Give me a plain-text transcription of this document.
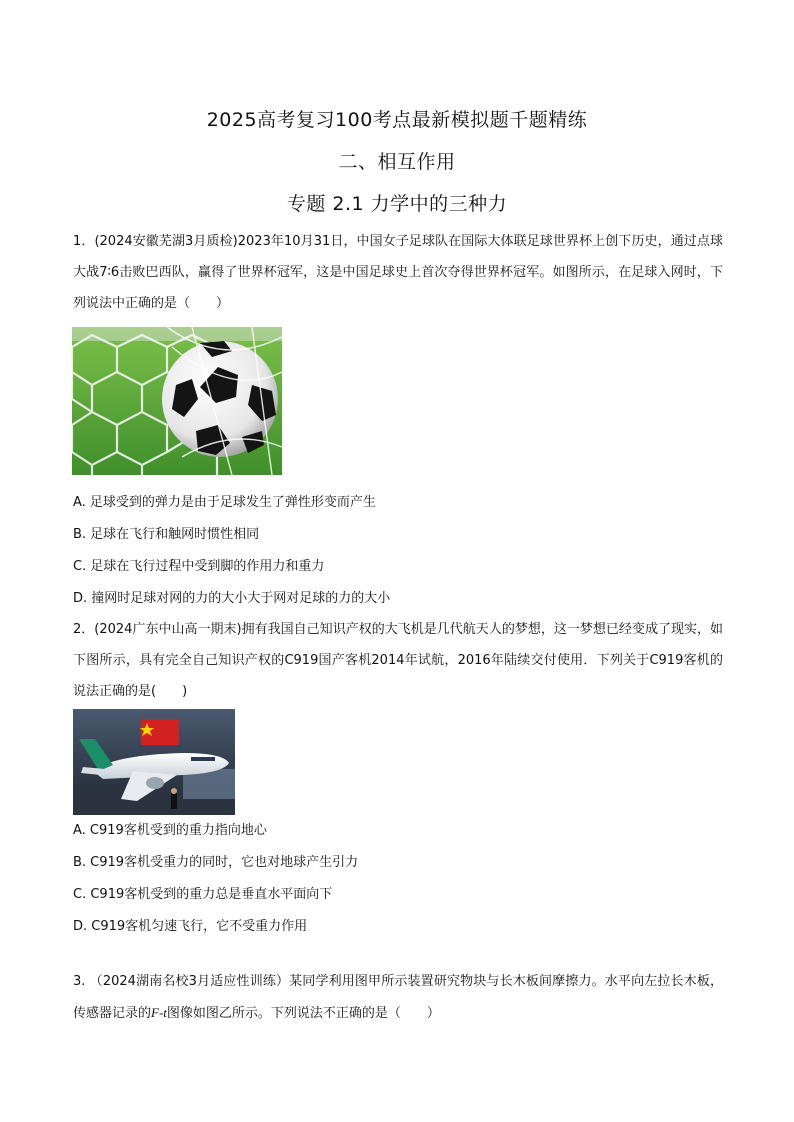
2025高考复习100考点最新模拟题千题精练
二、相互作用
专题 2.1 力学中的三种力
1．(2024安徽芜湖3月质检)2023年10月31日，中国女子足球队在国际大体联足球世界杯上创下历史，通过点球大战7∶6击败巴西队，赢得了世界杯冠军，这是中国足球史上首次夺得世界杯冠军。如图所示，在足球入网时，下列说法中正确的是（　　）
A. 足球受到的弹力是由于足球发生了弹性形变而产生
B. 足球在飞行和触网时惯性相同
C. 足球在飞行过程中受到脚的作用力和重力
D. 撞网时足球对网的力的大小大于网对足球的力的大小
2．(2024广东中山高一期末)拥有我国自己知识产权的大飞机是几代航天人的梦想，这一梦想已经变成了现实，如下图所示，具有完全自己知识产权的C919国产客机2014年试航，2016年陆续交付使用．下列关于C919客机的说法正确的是(　　)
A. C919客机受到的重力指向地心
B. C919客机受重力的同时，它也对地球产生引力
C. C919客机受到的重力总是垂直水平面向下
D. C919客机匀速飞行，它不受重力作用
3. （2024湖南名校3月适应性训练）某同学利用图甲所示装置研究物块与长木板间摩擦力。水平向左拉长木板，传感器记录的F-t图像如图乙所示。下列说法不正确的是（　　）
